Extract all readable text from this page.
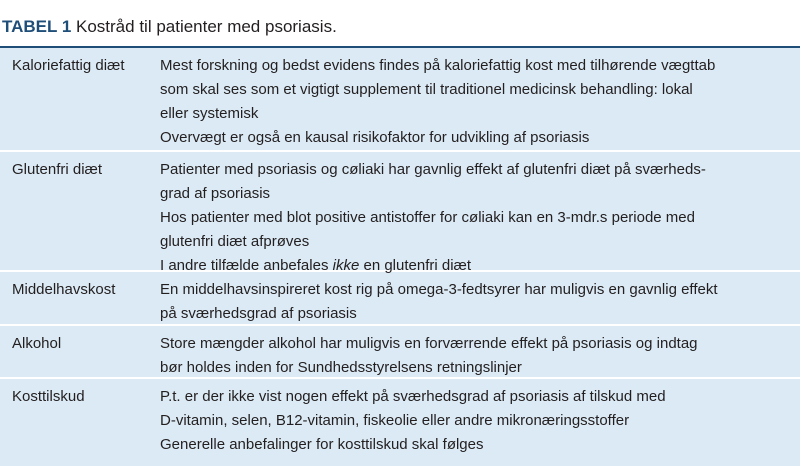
TABEL 1 Kostråd til patienter med psoriasis.
Kaloriefattig diæt	Mest forskning og bedst evidens findes på kaloriefattig kost med tilhørende vægttab
som skal ses som et vigtigt supplement til traditionel medicinsk behandling: lokal
eller systemisk
Overvægt er også en kausal risikofaktor for udvikling af psoriasis
Glutenfri diæt	Patienter med psoriasis og cøliaki har gavnlig effekt af glutenfri diæt på sværheds-
grad af psoriasis
Hos patienter med blot positive antistoffer for cøliaki kan en 3-mdr.s periode med
glutenfri diæt afprøves
I andre tilfælde anbefales ikke en glutenfri diæt
Middelhavskost	En middelhavsinspireret kost rig på omega-3-fedtsyrer har muligvis en gavnlig effekt
på sværhedsgrad af psoriasis
Alkohol	Store mængder alkohol har muligvis en forværrende effekt på psoriasis og indtag
bør holdes inden for Sundhedsstyrelsens retningslinjer
Kosttilskud	P.t. er der ikke vist nogen effekt på sværhedsgrad af psoriasis af tilskud med
D-vitamin, selen, B12-vitamin, fiskeolie eller andre mikronæringsstoffer
Generelle anbefalinger for kosttilskud skal følges
